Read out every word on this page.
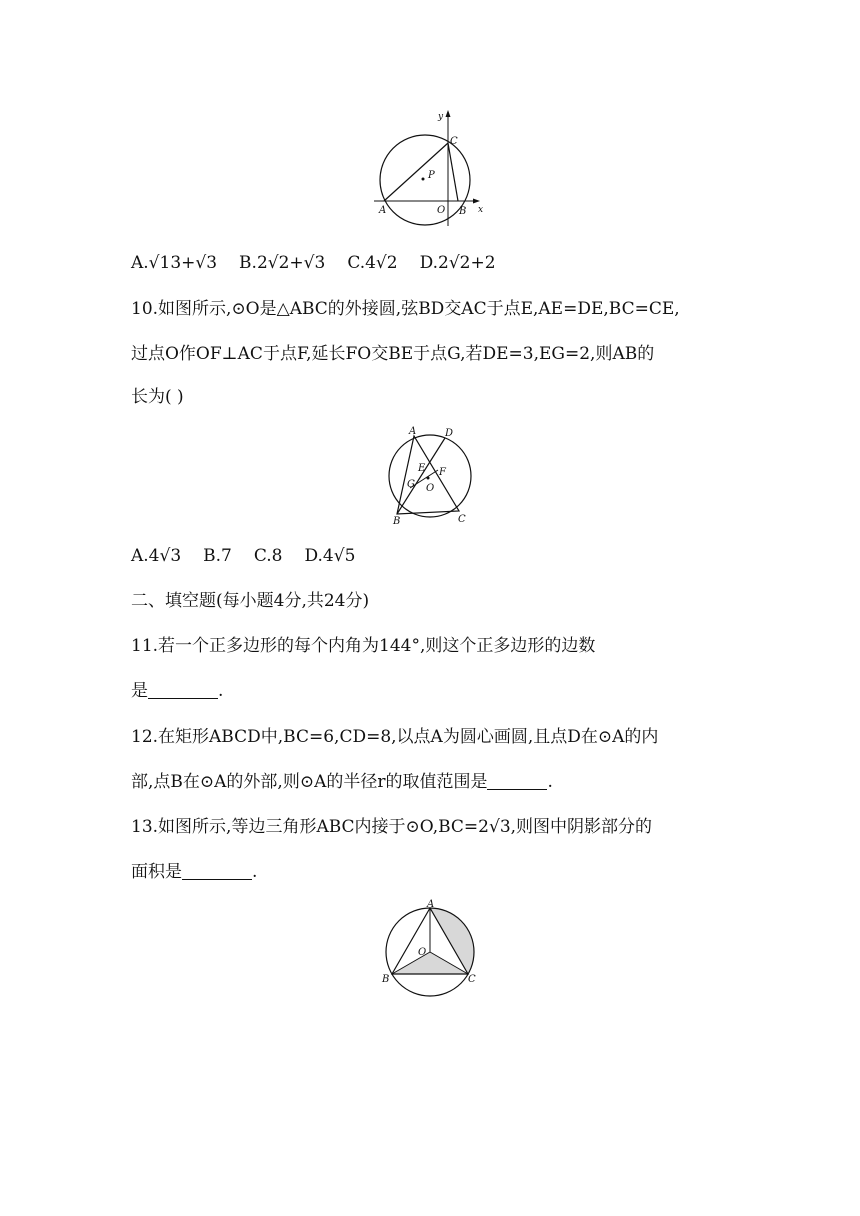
y
x
C
P
A	O B
A.√13+√3 B.2√2+√3 C.4√2 D.2√2+2
10.如图所示,⊙O是△ABC的外接圆,弦BD交AC于点E,AE=DE,BC=CE,
过点O作OF⊥AC于点F,延长FO交BE于点G,若DE=3,EG=2,则AB的
长为( )
A	D
E F
G O
B	C
A.4√3 B.7 C.8 D.4√5
二、填空题(每小题4分,共24分)
11.若一个正多边形的每个内角为144°,则这个正多边形的边数
是	.
12.在矩形ABCD中,BC=6,CD=8,以点A为圆心画圆,且点D在⊙A的内
部,点B在⊙A的外部,则⊙A的半径r的取值范围是	.
13.如图所示,等边三角形ABC内接于⊙O,BC=2√3,则图中阴影部分的
面积是	.
A
O
B	C
